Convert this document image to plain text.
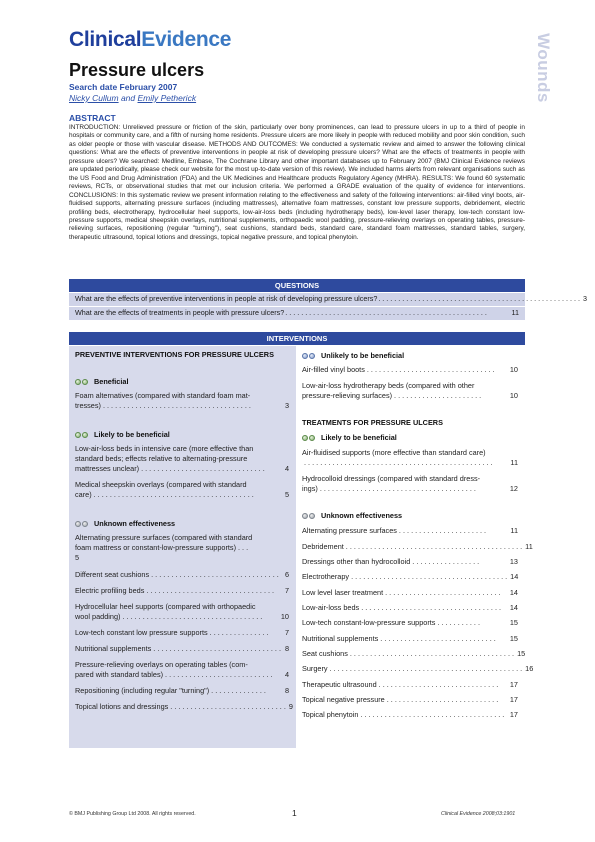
ClinicalEvidence	Wounds
Pressure ulcers
Search date February 2007
Nicky Cullum and Emily Petherick
ABSTRACT
INTRODUCTION: Unrelieved pressure or friction of the skin, particularly over bony prominences, can lead to pressure ulcers in up to a third of people in hospitals or community care, and a fifth of nursing home residents. Pressure ulcers are more likely in people with reduced mobility and poor skin condition, such as older people or those with vascular disease. METHODS AND OUTCOMES: We conducted a systematic review and aimed to answer the following clinical questions: What are the effects of preventive interventions in people at risk of developing pressure ulcers? What are the effects of treatments in people with pressure ulcers? We searched: Medline, Embase, The Cochrane Library and other important databases up to February 2007 (BMJ Clinical Evidence reviews are updated periodically, please check our website for the most up-to-date version of this review). We included harms alerts from relevant organisations such as the US Food and Drug Administration (FDA) and the UK Medicines and Healthcare products Regulatory Agency (MHRA). RESULTS: We found 60 systematic reviews, RCTs, or observational studies that met our inclusion criteria. We performed a GRADE evaluation of the quality of evidence for interventions. CONCLUSIONS: In this systematic review we present information relating to the effectiveness and safety of the following interventions: air-filled vinyl boots, air-fluidised supports, alternating pressure surfaces (including mattresses), alternative foam mattresses, constant low pressure supports, debridement, electric profiling beds, electrotherapy, hydrocellular heel supports, low-air-loss beds (including hydrotherapy beds), low-level laser therapy, low-tech constant low-pressure supports, medical sheepskin overlays, nutritional supplements, orthopaedic wool padding, pressure-relieving overlays on operating tables, pressure-relieving surfaces, repositioning (regular "turning"), seat cushions, standard beds, standard care, standard foam mattresses, standard tables, surgery, therapeutic ultrasound, topical lotions and dressings, topical negative pressure, and topical phenytoin.
QUESTIONS
What are the effects of preventive interventions in people at risk of developing pressure ulcers? . . . . . . . . . . . . . . . . . . . . . . . . . . . . . . . . . . . . . . . . . . . . . . . . . . . 3
What are the effects of treatments in people with pressure ulcers? . . . . . . . . . . . . . . . . . . . . . . . . . . . . . . . . . . . . . . . . . . . . . . . . . . .	11
INTERVENTIONS
PREVENTIVE INTERVENTIONS FOR PRESSURE ULCERS
Beneficial
Foam alternatives (compared with standard foam mat-
tresses) . . . . . . . . . . . . . . . . . . . . . . . . . . . . . . . . . . . . .	3
Likely to be beneficial
Low-air-loss beds in intensive care (more effective than
standard beds; effects relative to alternating-pressure
mattresses unclear) . . . . . . . . . . . . . . . . . . . . . . . . . . . . . . .	4
Medical sheepskin overlays (compared with standard
care) . . . . . . . . . . . . . . . . . . . . . . . . . . . . . . . . . . . . . . . .	5
Unknown effectiveness
Alternating pressure surfaces (compared with standard
foam mattress or constant-low-pressure supports) . . .
5
Different seat cushions . . . . . . . . . . . . . . . . . . . . . . . . . . . . . . . . 6
Electric profiling beds . . . . . . . . . . . . . . . . . . . . . . . . . . . . . . . .	7
Hydrocellular heel supports (compared with orthopaedic
wool padding) . . . . . . . . . . . . . . . . . . . . . . . . . . . . . . . . . . .	10
Low-tech constant low pressure supports . . . . . . . . . . . . . . .	7
Nutritional supplements . . . . . . . . . . . . . . . . . . . . . . . . . . . . . . . . 8
Pressure-relieving overlays on operating tables (com-
pared with standard tables) . . . . . . . . . . . . . . . . . . . . . . . . . . .	4
Repositioning (including regular "turning") . . . . . . . . . . . . . .	8
Topical lotions and dressings . . . . . . . . . . . . . . . . . . . . . . . . . . . . . 9
Unlikely to be beneficial
Air-filled vinyl boots . . . . . . . . . . . . . . . . . . . . . . . . . . . . . . . .	10
Low-air-loss hydrotherapy beds (compared with other
pressure-relieving surfaces) . . . . . . . . . . . . . . . . . . . . . .	10
TREATMENTS FOR PRESSURE ULCERS
Likely to be beneficial
Air-fluidised supports (more effective than standard care)
. . . . . . . . . . . . . . . . . . . . . . . . . . . . . . . . . . . . . . . . . . . . . . .	11
Hydrocolloid dressings (compared with standard dress-
ings) . . . . . . . . . . . . . . . . . . . . . . . . . . . . . . . . . . . . . . .	12
Unknown effectiveness
Alternating pressure surfaces . . . . . . . . . . . . . . . . . . . . . .	11
Debridement . . . . . . . . . . . . . . . . . . . . . . . . . . . . . . . . . . . . . . . . . . . . 11
Dressings other than hydrocolloid . . . . . . . . . . . . . . . . .	13
Electrotherapy . . . . . . . . . . . . . . . . . . . . . . . . . . . . . . . . . . . . . . . 14
Low level laser treatment . . . . . . . . . . . . . . . . . . . . . . . . . . . . .	14
Low-air-loss beds . . . . . . . . . . . . . . . . . . . . . . . . . . . . . . . . . . .	14
Low-tech constant-low-pressure supports . . . . . . . . . . .	15
Nutritional supplements . . . . . . . . . . . . . . . . . . . . . . . . . . . . .	15
Seat cushions . . . . . . . . . . . . . . . . . . . . . . . . . . . . . . . . . . . . . . . . . 15
Surgery . . . . . . . . . . . . . . . . . . . . . . . . . . . . . . . . . . . . . . . . . . . . . . . . 16
Therapeutic ultrasound . . . . . . . . . . . . . . . . . . . . . . . . . . . . . .	17
Topical negative pressure . . . . . . . . . . . . . . . . . . . . . . . . . . . .	17
Topical phenytoin . . . . . . . . . . . . . . . . . . . . . . . . . . . . . . . . . . . . 17
© BMJ Publishing Group Ltd 2008. All rights reserved.	1	Clinical Evidence 2008;03:1901
